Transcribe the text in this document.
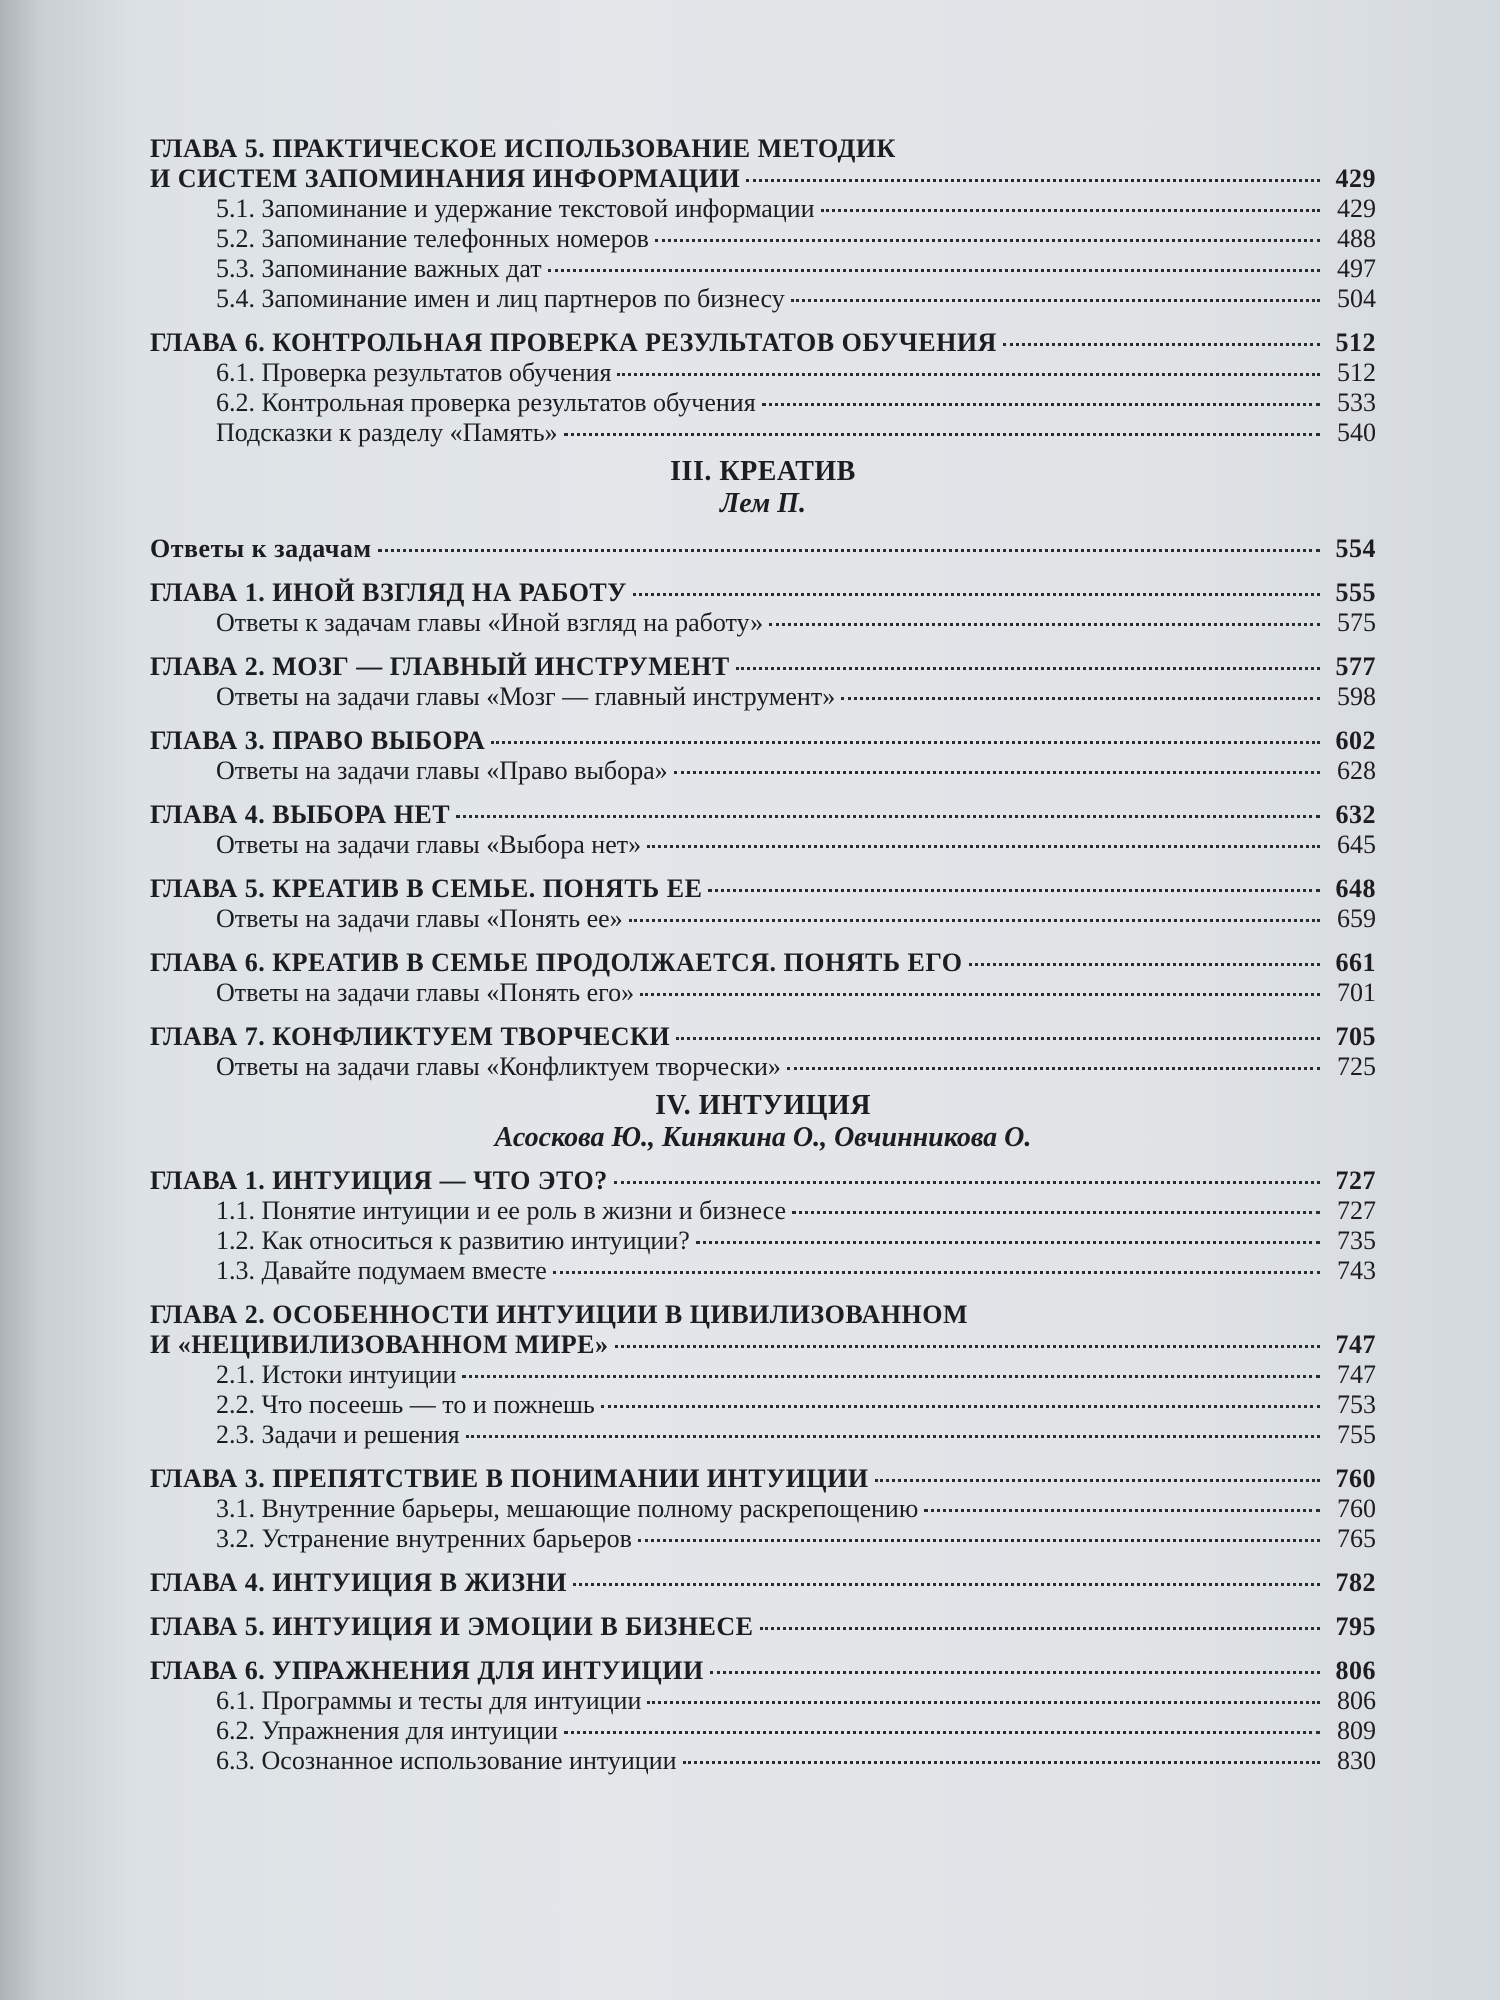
ГЛАВА 5. ПРАКТИЧЕСКОЕ ИСПОЛЬЗОВАНИЕ МЕТОДИК
И СИСТЕМ ЗАПОМИНАНИЯ ИНФОРМАЦИИ	429
5.1. Запоминание и удержание текстовой информации	429
5.2. Запоминание телефонных номеров	488
5.3. Запоминание важных дат	497
5.4. Запоминание имен и лиц партнеров по бизнесу	504
ГЛАВА 6. КОНТРОЛЬНАЯ ПРОВЕРКА РЕЗУЛЬТАТОВ ОБУЧЕНИЯ	512
6.1. Проверка результатов обучения	512
6.2. Контрольная проверка результатов обучения	533
Подсказки к разделу «Память»	540
III. КРЕАТИВ
Лем П.
Ответы к задачам	554
ГЛАВА 1. ИНОЙ ВЗГЛЯД НА РАБОТУ	555
Ответы к задачам главы «Иной взгляд на работу»	575
ГЛАВА 2. МОЗГ — ГЛАВНЫЙ ИНСТРУМЕНТ	577
Ответы на задачи главы «Мозг — главный инструмент»	598
ГЛАВА 3. ПРАВО ВЫБОРА	602
Ответы на задачи главы «Право выбора»	628
ГЛАВА 4. ВЫБОРА НЕТ	632
Ответы на задачи главы «Выбора нет»	645
ГЛАВА 5. КРЕАТИВ В СЕМЬЕ. ПОНЯТЬ ЕЕ	648
Ответы на задачи главы «Понять ее»	659
ГЛАВА 6. КРЕАТИВ В СЕМЬЕ ПРОДОЛЖАЕТСЯ. ПОНЯТЬ ЕГО	661
Ответы на задачи главы «Понять его»	701
ГЛАВА 7. КОНФЛИКТУЕМ ТВОРЧЕСКИ	705
Ответы на задачи главы «Конфликтуем творчески»	725
IV. ИНТУИЦИЯ
Асоскова Ю., Кинякина О., Овчинникова О.
ГЛАВА 1. ИНТУИЦИЯ — ЧТО ЭТО?	727
1.1. Понятие интуиции и ее роль в жизни и бизнесе	727
1.2. Как относиться к развитию интуиции?	735
1.3. Давайте подумаем вместе	743
ГЛАВА 2. ОСОБЕННОСТИ ИНТУИЦИИ В ЦИВИЛИЗОВАННОМ
И «НЕЦИВИЛИЗОВАННОМ МИРЕ»	747
2.1. Истоки интуиции	747
2.2. Что посеешь — то и пожнешь	753
2.3. Задачи и решения	755
ГЛАВА 3. ПРЕПЯТСТВИЕ В ПОНИМАНИИ ИНТУИЦИИ	760
3.1. Внутренние барьеры, мешающие полному раскрепощению	760
3.2. Устранение внутренних барьеров	765
ГЛАВА 4. ИНТУИЦИЯ В ЖИЗНИ	782
ГЛАВА 5. ИНТУИЦИЯ И ЭМОЦИИ В БИЗНЕСЕ	795
ГЛАВА 6. УПРАЖНЕНИЯ ДЛЯ ИНТУИЦИИ	806
6.1. Программы и тесты для интуиции	806
6.2. Упражнения для интуиции	809
6.3. Осознанное использование интуиции	830
